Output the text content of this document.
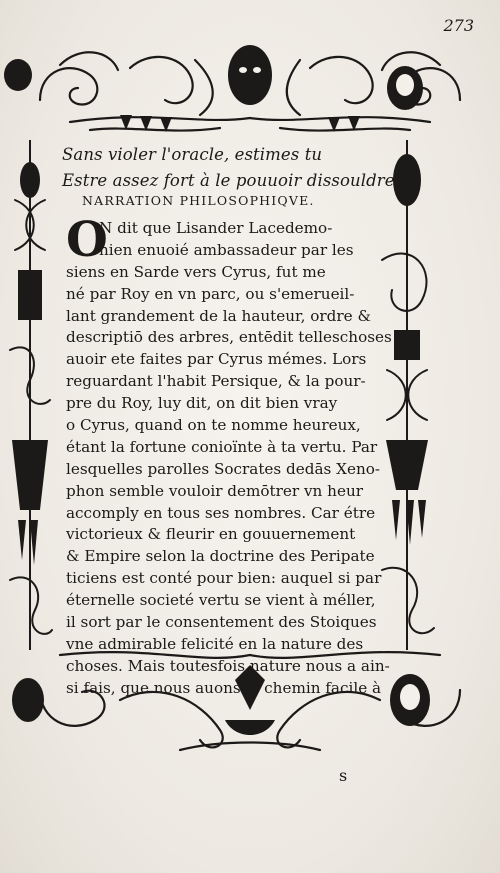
273
Sans violer l'oracle, estimes tu
Estre assez fort à le pouuoir dissouldre?
NARRATION PHILOSOPHIQVE.
O
N dit que Lisander Lacedemo-
nien enuoié ambassadeur par les
siens en Sarde vers Cyrus, fut me
né par Roy en vn parc, ou s'emerueil-
lant grandement de la hauteur, ordre &
descriptiō des arbres, entēdit telleschoses
auoir ete faites par Cyrus mémes. Lors
reguardant l'habit Persique, & la pour-
pre du Roy, luy dit, on dit bien vray
o Cyrus, quand on te nomme heureux,
étant la fortune conioïnte à ta vertu. Par
lesquelles parolles Socrates dedās Xeno-
phon semble vouloir demōtrer vn heur
accomply en tous ses nombres. Car étre
victorieux & fleurir en gouuernement
& Empire selon la doctrine des Peripate
ticiens est conté pour bien: auquel si par
éternelle societé vertu se vient à méller,
il sort par le consentement des Stoiques
vne admirable felicité en la nature des
choses. Mais toutesfois nature nous a ain-
si fais, que nous auons le chemin facile à
s
